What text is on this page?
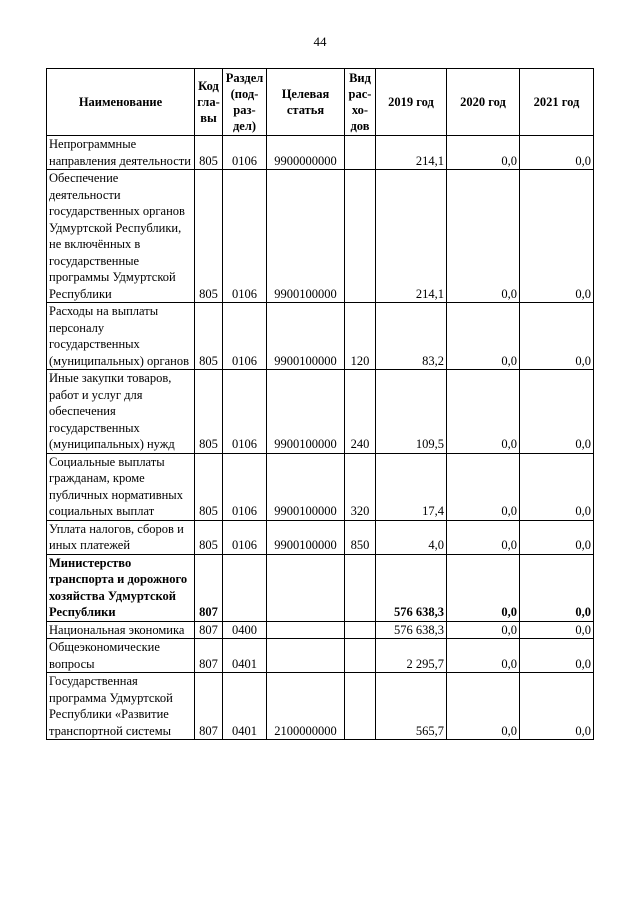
44
Наименование	Код гла- вы	Раздел (под- раз- дел)	Целевая статья	Вид рас- хо- дов	2019 год	2020 год	2021 год
Непрограммные направления деятельности	805	0106	9900000000		214,1	0,0	0,0
Обеспечение деятельности государственных органов Удмуртской Республики, не включённых в государственные программы Удмуртской Республики	805	0106	9900100000		214,1	0,0	0,0
Расходы на выплаты персоналу государственных (муниципальных) органов	805	0106	9900100000	120	83,2	0,0	0,0
Иные закупки товаров, работ и услуг для обеспечения государственных (муниципальных) нужд	805	0106	9900100000	240	109,5	0,0	0,0
Социальные выплаты гражданам, кроме публичных нормативных социальных выплат	805	0106	9900100000	320	17,4	0,0	0,0
Уплата налогов, сборов и иных платежей	805	0106	9900100000	850	4,0	0,0	0,0
Министерство транспорта и дорожного хозяйства Удмуртской Республики	807				576 638,3	0,0	0,0
Национальная экономика	807	0400			576 638,3	0,0	0,0
Общеэкономические вопросы	807	0401			2 295,7	0,0	0,0
Государственная программа Удмуртской Республики «Развитие транспортной системы	807	0401	2100000000		565,7	0,0	0,0
